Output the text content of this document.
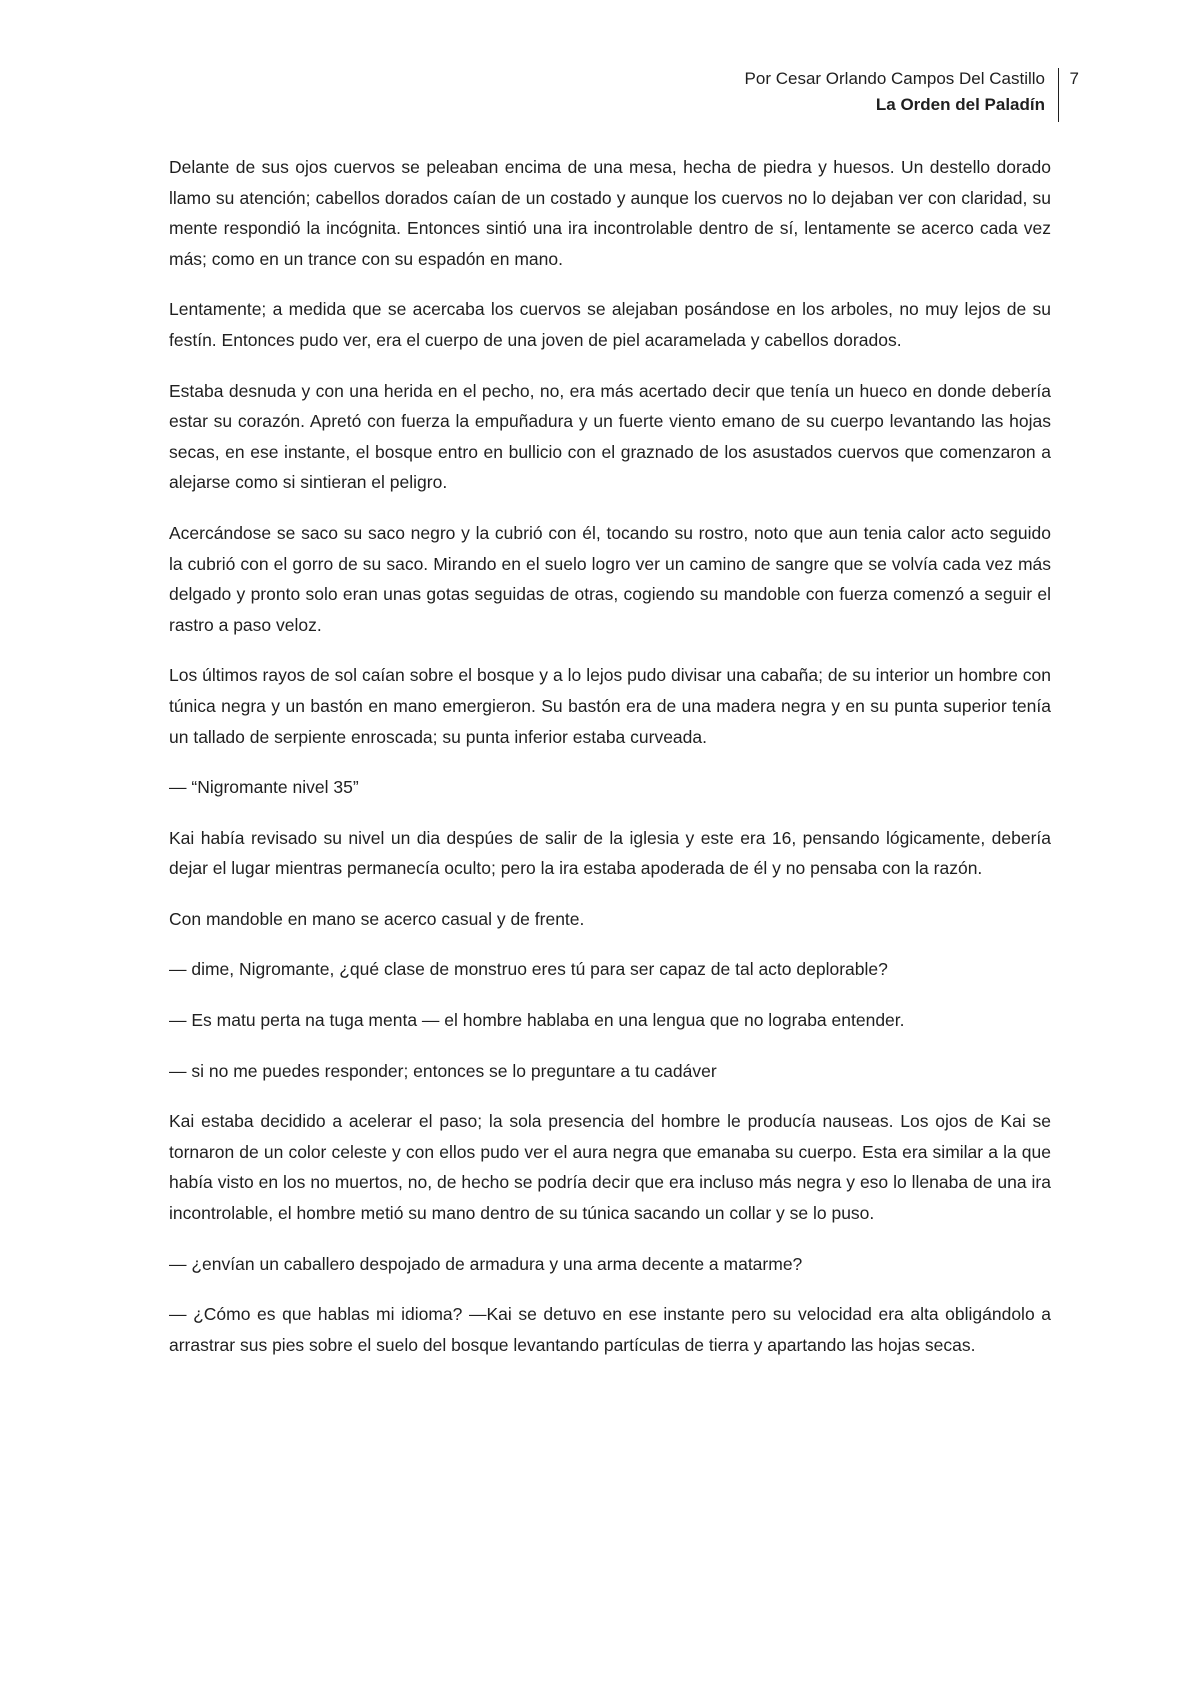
Por Cesar Orlando Campos Del Castillo
La Orden del Paladín
7

Delante de sus ojos cuervos se peleaban encima de una mesa, hecha de piedra y huesos. Un destello dorado llamo su atención; cabellos dorados caían de un costado y aunque los cuervos no lo dejaban ver con claridad, su mente respondió la incógnita. Entonces sintió una ira incontrolable dentro de sí, lentamente se acerco cada vez más; como en un trance con su espadón en mano.

Lentamente; a medida que se acercaba los cuervos se alejaban posándose en los arboles, no muy lejos de su festín. Entonces pudo ver, era el cuerpo de una joven de piel acaramelada y cabellos dorados.

Estaba desnuda y con una herida en el pecho, no, era más acertado decir que tenía un hueco en donde debería estar su corazón. Apretó con fuerza la empuñadura y un fuerte viento emano de su cuerpo levantando las hojas secas, en ese instante, el bosque entro en bullicio con el graznado de los asustados cuervos que comenzaron a alejarse como si sintieran el peligro.

Acercándose se saco su saco negro y la cubrió con él, tocando su rostro, noto que aun tenia calor acto seguido la cubrió con el gorro de su saco. Mirando en el suelo logro ver un camino de sangre que se volvía cada vez más delgado y pronto solo eran unas gotas seguidas de otras, cogiendo su mandoble con fuerza comenzó a seguir el rastro a paso veloz.

Los últimos rayos de sol caían sobre el bosque y a lo lejos pudo divisar una cabaña; de su interior un hombre con túnica negra y un bastón en mano emergieron. Su bastón era de una madera negra y en su punta superior tenía un tallado de serpiente enroscada; su punta inferior estaba curveada.

— “Nigromante nivel 35”

Kai había revisado su nivel un dia despúes de salir de la iglesia y este era 16, pensando lógicamente, debería dejar el lugar mientras permanecía oculto; pero la ira estaba apoderada de él y no pensaba con la razón.

Con mandoble en mano se acerco casual y de frente.

— dime, Nigromante, ¿qué clase de monstruo eres tú para ser capaz de tal acto deplorable?

— Es matu perta na tuga menta — el hombre hablaba en una lengua que no lograba entender.

— si no me puedes responder; entonces se lo preguntare a tu cadáver

Kai estaba decidido a acelerar el paso; la sola presencia del hombre le producía nauseas. Los ojos de Kai se tornaron de un color celeste y con ellos pudo ver el aura negra que emanaba su cuerpo. Esta era similar a la que había visto en los no muertos, no, de hecho se podría decir que era incluso más negra y eso lo llenaba de una ira incontrolable, el hombre metió su mano dentro de su túnica sacando un collar y se lo puso.

— ¿envían un caballero despojado de armadura y una arma decente a matarme?

— ¿Cómo es que hablas mi idioma? —Kai se detuvo en ese instante pero su velocidad era alta obligándolo a arrastrar sus pies sobre el suelo del bosque levantando partículas de tierra y apartando las hojas secas.
